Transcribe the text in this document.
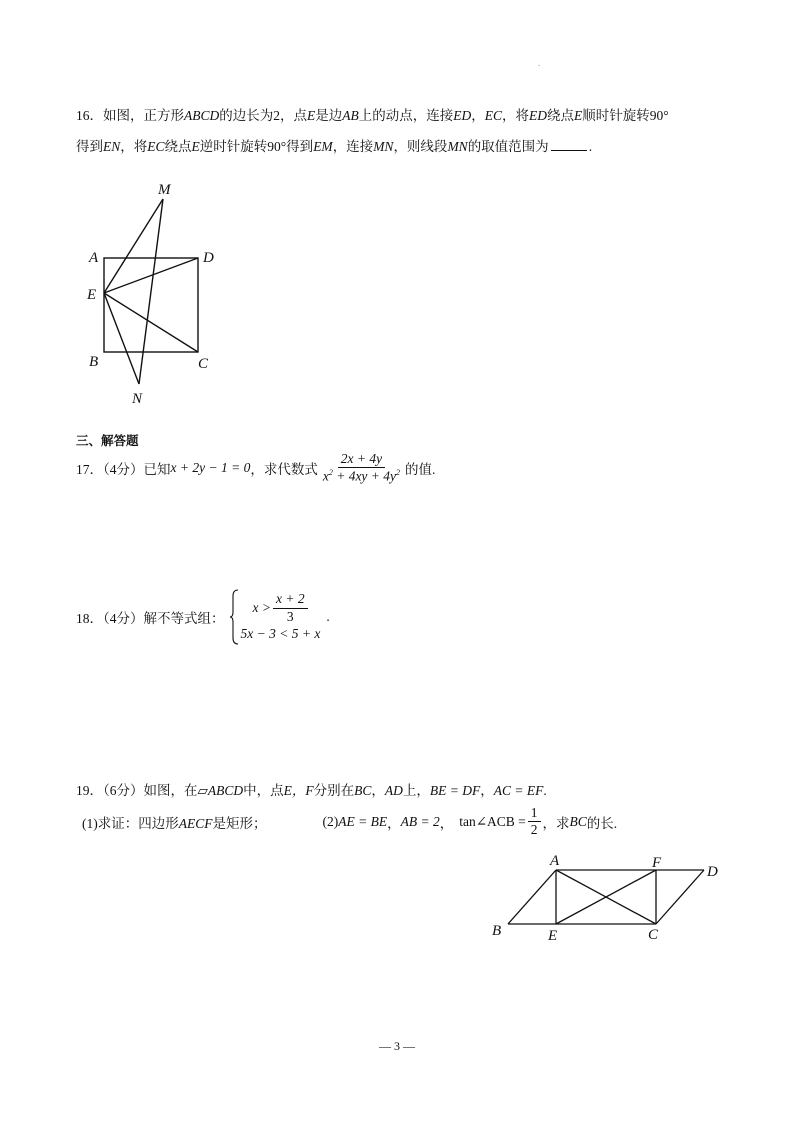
.
16．如图，正方形ABCD的边长为2，点E是边AB上的动点，连接ED，EC，将ED绕点E顺时针旋转90°
得到EN，将EC绕点E逆时针旋转90°得到EM，连接MN，则线段MN的取值范围为	.
M
A	D
E
B	C
N
三、解答题
17．（4分）已知 x + 2y − 1 = 0 ，求代数式 $\frac{2x + 4y}{x^2 + 4xy + 4y^2}$ 的值.
18．（4分）解不等式组：
$x > \frac{x + 2}{3}$
5x − 3 < 5 + x
.
19．（6分）如图，在▱ABCD中，点E，F分别在BC，AD上，BE = DF，AC = EF.
(1)求证：四边形AECF是矩形；	(2) AE = BE ， AB = 2 ， tan∠ACB = $\frac{1}{2}$ ，求 BC 的长.
A	F
D
B	E	C
— 3 —
